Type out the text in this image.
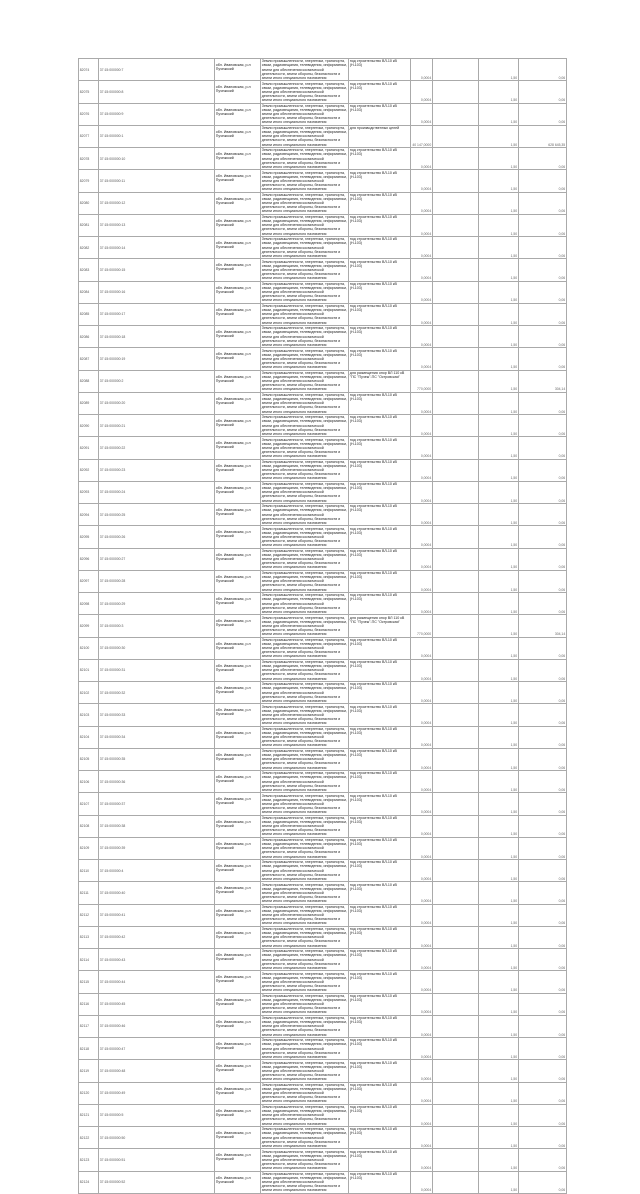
82074	37:15:000000:7	обл. Ивановская, р-н Пучежский	Земли промышленности, энергетики, транспорта, связи, радиовещания, телевидения, информатики, земли для обеспечения космической деятельности, земли обороны, безопасности и земли иного специального назначения	под строительство ВЛ-10 кВ (Н-103)	0,0004		1,50	0,06
82075	37:15:000000:8	обл. Ивановская, р-н Пучежский	Земли промышленности, энергетики, транспорта, связи, радиовещания, телевидения, информатики, земли для обеспечения космической деятельности, земли обороны, безопасности и земли иного специального назначения	под строительство ВЛ-10 кВ (Н-103)	0,0004		1,50	0,06
82076	37:15:000000:9	обл. Ивановская, р-н Пучежский	Земли промышленности, энергетики, транспорта, связи, радиовещания, телевидения, информатики, земли для обеспечения космической деятельности, земли обороны, безопасности и земли иного специального назначения	под строительство ВЛ-10 кВ (Н-103)	0,0004		1,50	0,06
82077	37:15:000000:1	обл. Ивановская, р-н Пучежский	Земли промышленности, энергетики, транспорта, связи, радиовещания, телевидения, информатики, земли для обеспечения космической деятельности, земли обороны, безопасности и земли иного специального назначения	для производственных целей	40 147,0000		1,50	628 645,35
82078	37:15:000000:10	обл. Ивановская, р-н Пучежский	Земли промышленности, энергетики, транспорта, связи, радиовещания, телевидения, информатики, земли для обеспечения космической деятельности, земли обороны, безопасности и земли иного специального назначения	под строительство ВЛ-10 кВ (Н-103)	0,0004		1,50	0,06
82079	37:15:000000:11	обл. Ивановская, р-н Пучежский	Земли промышленности, энергетики, транспорта, связи, радиовещания, телевидения, информатики, земли для обеспечения космической деятельности, земли обороны, безопасности и земли иного специального назначения	под строительство ВЛ-10 кВ (Н-103)	0,0004		1,50	0,06
82080	37:15:000000:12	обл. Ивановская, р-н Пучежский	Земли промышленности, энергетики, транспорта, связи, радиовещания, телевидения, информатики, земли для обеспечения космической деятельности, земли обороны, безопасности и земли иного специального назначения	под строительство ВЛ-10 кВ (Н-103)	0,0004		1,50	0,06
82081	37:15:000000:13	обл. Ивановская, р-н Пучежский	Земли промышленности, энергетики, транспорта, связи, радиовещания, телевидения, информатики, земли для обеспечения космической деятельности, земли обороны, безопасности и земли иного специального назначения	под строительство ВЛ-10 кВ (Н-103)	0,0004		1,50	0,06
82082	37:15:000000:14	обл. Ивановская, р-н Пучежский	Земли промышленности, энергетики, транспорта, связи, радиовещания, телевидения, информатики, земли для обеспечения космической деятельности, земли обороны, безопасности и земли иного специального назначения	под строительство ВЛ-10 кВ (Н-103)	0,0004		1,50	0,06
82083	37:15:000000:15	обл. Ивановская, р-н Пучежский	Земли промышленности, энергетики, транспорта, связи, радиовещания, телевидения, информатики, земли для обеспечения космической деятельности, земли обороны, безопасности и земли иного специального назначения	под строительство ВЛ-10 кВ (Н-103)	0,0004		1,50	0,06
82084	37:15:000000:16	обл. Ивановская, р-н Пучежский	Земли промышленности, энергетики, транспорта, связи, радиовещания, телевидения, информатики, земли для обеспечения космической деятельности, земли обороны, безопасности и земли иного специального назначения	под строительство ВЛ-10 кВ (Н-103)	0,0004		1,50	0,06
82085	37:15:000000:17	обл. Ивановская, р-н Пучежский	Земли промышленности, энергетики, транспорта, связи, радиовещания, телевидения, информатики, земли для обеспечения космической деятельности, земли обороны, безопасности и земли иного специального назначения	под строительство ВЛ-10 кВ (Н-103)	0,0004		1,50	0,06
82086	37:15:000000:18	обл. Ивановская, р-н Пучежский	Земли промышленности, энергетики, транспорта, связи, радиовещания, телевидения, информатики, земли для обеспечения космической деятельности, земли обороны, безопасности и земли иного специального назначения	под строительство ВЛ-10 кВ (Н-103)	0,0004		1,50	0,06
82087	37:15:000000:19	обл. Ивановская, р-н Пучежский	Земли промышленности, энергетики, транспорта, связи, радиовещания, телевидения, информатики, земли для обеспечения космической деятельности, земли обороны, безопасности и земли иного специального назначения	под строительство ВЛ-10 кВ (Н-103)	0,0004		1,50	0,06
82088	37:15:000000:2	обл. Ивановская, р-н Пучежский	Земли промышленности, энергетики, транспорта, связи, радиовещания, телевидения, информатики, земли для обеспечения космической деятельности, земли обороны, безопасности и земли иного специального назначения	для размещения опор ВЛ 110 кВ "ПС "Пучеж"-ПС "Островская"	770,0000		1,50	304,14
82089	37:15:000000:20	обл. Ивановская, р-н Пучежский	Земли промышленности, энергетики, транспорта, связи, радиовещания, телевидения, информатики, земли для обеспечения космической деятельности, земли обороны, безопасности и земли иного специального назначения	под строительство ВЛ-10 кВ (Н-103)	0,0004		1,50	0,06
82090	37:15:000000:21	обл. Ивановская, р-н Пучежский	Земли промышленности, энергетики, транспорта, связи, радиовещания, телевидения, информатики, земли для обеспечения космической деятельности, земли обороны, безопасности и земли иного специального назначения	под строительство ВЛ-10 кВ (Н-103)	0,0004		1,50	0,06
82091	37:15:000000:22	обл. Ивановская, р-н Пучежский	Земли промышленности, энергетики, транспорта, связи, радиовещания, телевидения, информатики, земли для обеспечения космической деятельности, земли обороны, безопасности и земли иного специального назначения	под строительство ВЛ-10 кВ (Н-103)	0,0004		1,50	0,06
82092	37:15:000000:23	обл. Ивановская, р-н Пучежский	Земли промышленности, энергетики, транспорта, связи, радиовещания, телевидения, информатики, земли для обеспечения космической деятельности, земли обороны, безопасности и земли иного специального назначения	под строительство ВЛ-10 кВ (Н-103)	0,0004		1,50	0,06
82093	37:15:000000:24	обл. Ивановская, р-н Пучежский	Земли промышленности, энергетики, транспорта, связи, радиовещания, телевидения, информатики, земли для обеспечения космической деятельности, земли обороны, безопасности и земли иного специального назначения	под строительство ВЛ-10 кВ (Н-103)	0,0004		1,50	0,06
82094	37:15:000000:25	обл. Ивановская, р-н Пучежский	Земли промышленности, энергетики, транспорта, связи, радиовещания, телевидения, информатики, земли для обеспечения космической деятельности, земли обороны, безопасности и земли иного специального назначения	под строительство ВЛ-10 кВ (Н-103)	0,0004		1,50	0,06
82095	37:15:000000:26	обл. Ивановская, р-н Пучежский	Земли промышленности, энергетики, транспорта, связи, радиовещания, телевидения, информатики, земли для обеспечения космической деятельности, земли обороны, безопасности и земли иного специального назначения	под строительство ВЛ-10 кВ (Н-103)	0,0004		1,50	0,06
82096	37:15:000000:27	обл. Ивановская, р-н Пучежский	Земли промышленности, энергетики, транспорта, связи, радиовещания, телевидения, информатики, земли для обеспечения космической деятельности, земли обороны, безопасности и земли иного специального назначения	под строительство ВЛ-10 кВ (Н-103)	0,0004		1,50	0,06
82097	37:15:000000:28	обл. Ивановская, р-н Пучежский	Земли промышленности, энергетики, транспорта, связи, радиовещания, телевидения, информатики, земли для обеспечения космической деятельности, земли обороны, безопасности и земли иного специального назначения	под строительство ВЛ-10 кВ (Н-103)	0,0004		1,50	0,06
82098	37:15:000000:29	обл. Ивановская, р-н Пучежский	Земли промышленности, энергетики, транспорта, связи, радиовещания, телевидения, информатики, земли для обеспечения космической деятельности, земли обороны, безопасности и земли иного специального назначения	под строительство ВЛ-10 кВ (Н-103)	0,0004		1,50	0,06
82099	37:15:000000:3	обл. Ивановская, р-н Пучежский	Земли промышленности, энергетики, транспорта, связи, радиовещания, телевидения, информатики, земли для обеспечения космической деятельности, земли обороны, безопасности и земли иного специального назначения	для размещения опор ВЛ 110 кВ "ПС "Пучеж"-ПС "Островская"	770,0000		1,50	304,14
82100	37:15:000000:30	обл. Ивановская, р-н Пучежский	Земли промышленности, энергетики, транспорта, связи, радиовещания, телевидения, информатики, земли для обеспечения космической деятельности, земли обороны, безопасности и земли иного специального назначения	под строительство ВЛ-10 кВ (Н-103)	0,0004		1,50	0,06
82101	37:15:000000:31	обл. Ивановская, р-н Пучежский	Земли промышленности, энергетики, транспорта, связи, радиовещания, телевидения, информатики, земли для обеспечения космической деятельности, земли обороны, безопасности и земли иного специального назначения	под строительство ВЛ-10 кВ (Н-103)	0,0004		1,50	0,06
82102	37:15:000000:32	обл. Ивановская, р-н Пучежский	Земли промышленности, энергетики, транспорта, связи, радиовещания, телевидения, информатики, земли для обеспечения космической деятельности, земли обороны, безопасности и земли иного специального назначения	под строительство ВЛ-10 кВ (Н-103)	0,0004		1,50	0,06
82103	37:15:000000:33	обл. Ивановская, р-н Пучежский	Земли промышленности, энергетики, транспорта, связи, радиовещания, телевидения, информатики, земли для обеспечения космической деятельности, земли обороны, безопасности и земли иного специального назначения	под строительство ВЛ-10 кВ (Н-103)	0,0004		1,50	0,06
82104	37:15:000000:34	обл. Ивановская, р-н Пучежский	Земли промышленности, энергетики, транспорта, связи, радиовещания, телевидения, информатики, земли для обеспечения космической деятельности, земли обороны, безопасности и земли иного специального назначения	под строительство ВЛ-10 кВ (Н-103)	0,0004		1,50	0,06
82105	37:15:000000:35	обл. Ивановская, р-н Пучежский	Земли промышленности, энергетики, транспорта, связи, радиовещания, телевидения, информатики, земли для обеспечения космической деятельности, земли обороны, безопасности и земли иного специального назначения	под строительство ВЛ-10 кВ (Н-103)	0,0004		1,50	0,06
82106	37:15:000000:36	обл. Ивановская, р-н Пучежский	Земли промышленности, энергетики, транспорта, связи, радиовещания, телевидения, информатики, земли для обеспечения космической деятельности, земли обороны, безопасности и земли иного специального назначения	под строительство ВЛ-10 кВ (Н-103)	0,0004		1,50	0,06
82107	37:15:000000:37	обл. Ивановская, р-н Пучежский	Земли промышленности, энергетики, транспорта, связи, радиовещания, телевидения, информатики, земли для обеспечения космической деятельности, земли обороны, безопасности и земли иного специального назначения	под строительство ВЛ-10 кВ (Н-103)	0,0004		1,50	0,06
82108	37:15:000000:38	обл. Ивановская, р-н Пучежский	Земли промышленности, энергетики, транспорта, связи, радиовещания, телевидения, информатики, земли для обеспечения космической деятельности, земли обороны, безопасности и земли иного специального назначения	под строительство ВЛ-10 кВ (Н-103)	0,0004		1,50	0,06
82109	37:15:000000:39	обл. Ивановская, р-н Пучежский	Земли промышленности, энергетики, транспорта, связи, радиовещания, телевидения, информатики, земли для обеспечения космической деятельности, земли обороны, безопасности и земли иного специального назначения	под строительство ВЛ-10 кВ (Н-103)	0,0004		1,50	0,06
82110	37:15:000000:4	обл. Ивановская, р-н Пучежский	Земли промышленности, энергетики, транспорта, связи, радиовещания, телевидения, информатики, земли для обеспечения космической деятельности, земли обороны, безопасности и земли иного специального назначения	под строительство ВЛ-10 кВ (Н-103)	0,0004		1,50	0,06
82111	37:15:000000:40	обл. Ивановская, р-н Пучежский	Земли промышленности, энергетики, транспорта, связи, радиовещания, телевидения, информатики, земли для обеспечения космической деятельности, земли обороны, безопасности и земли иного специального назначения	под строительство ВЛ-10 кВ (Н-103)	0,0004		1,50	0,06
82112	37:15:000000:41	обл. Ивановская, р-н Пучежский	Земли промышленности, энергетики, транспорта, связи, радиовещания, телевидения, информатики, земли для обеспечения космической деятельности, земли обороны, безопасности и земли иного специального назначения	под строительство ВЛ-10 кВ (Н-103)	0,0004		1,50	0,06
82113	37:15:000000:42	обл. Ивановская, р-н Пучежский	Земли промышленности, энергетики, транспорта, связи, радиовещания, телевидения, информатики, земли для обеспечения космической деятельности, земли обороны, безопасности и земли иного специального назначения	под строительство ВЛ-10 кВ (Н-103)	0,0004		1,50	0,06
82114	37:15:000000:43	обл. Ивановская, р-н Пучежский	Земли промышленности, энергетики, транспорта, связи, радиовещания, телевидения, информатики, земли для обеспечения космической деятельности, земли обороны, безопасности и земли иного специального назначения	под строительство ВЛ-10 кВ (Н-103)	0,0004		1,50	0,06
82115	37:15:000000:44	обл. Ивановская, р-н Пучежский	Земли промышленности, энергетики, транспорта, связи, радиовещания, телевидения, информатики, земли для обеспечения космической деятельности, земли обороны, безопасности и земли иного специального назначения	под строительство ВЛ-10 кВ (Н-103)	0,0004		1,50	0,06
82116	37:15:000000:45	обл. Ивановская, р-н Пучежский	Земли промышленности, энергетики, транспорта, связи, радиовещания, телевидения, информатики, земли для обеспечения космической деятельности, земли обороны, безопасности и земли иного специального назначения	под строительство ВЛ-10 кВ (Н-103)	0,0004		1,50	0,06
82117	37:15:000000:46	обл. Ивановская, р-н Пучежский	Земли промышленности, энергетики, транспорта, связи, радиовещания, телевидения, информатики, земли для обеспечения космической деятельности, земли обороны, безопасности и земли иного специального назначения	под строительство ВЛ-10 кВ (Н-103)	0,0004		1,50	0,06
82118	37:15:000000:47	обл. Ивановская, р-н Пучежский	Земли промышленности, энергетики, транспорта, связи, радиовещания, телевидения, информатики, земли для обеспечения космической деятельности, земли обороны, безопасности и земли иного специального назначения	под строительство ВЛ-10 кВ (Н-103)	0,0004		1,50	0,06
82119	37:15:000000:48	обл. Ивановская, р-н Пучежский	Земли промышленности, энергетики, транспорта, связи, радиовещания, телевидения, информатики, земли для обеспечения космической деятельности, земли обороны, безопасности и земли иного специального назначения	под строительство ВЛ-10 кВ (Н-103)	0,0004		1,50	0,06
82120	37:15:000000:49	обл. Ивановская, р-н Пучежский	Земли промышленности, энергетики, транспорта, связи, радиовещания, телевидения, информатики, земли для обеспечения космической деятельности, земли обороны, безопасности и земли иного специального назначения	под строительство ВЛ-10 кВ (Н-103)	0,0004		1,50	0,06
82121	37:15:000000:5	обл. Ивановская, р-н Пучежский	Земли промышленности, энергетики, транспорта, связи, радиовещания, телевидения, информатики, земли для обеспечения космической деятельности, земли обороны, безопасности и земли иного специального назначения	под строительство ВЛ-10 кВ (Н-103)	0,0004		1,50	0,06
82122	37:15:000000:50	обл. Ивановская, р-н Пучежский	Земли промышленности, энергетики, транспорта, связи, радиовещания, телевидения, информатики, земли для обеспечения космической деятельности, земли обороны, безопасности и земли иного специального назначения	под строительство ВЛ-10 кВ (Н-103)	0,0004		1,50	0,06
82123	37:15:000000:51	обл. Ивановская, р-н Пучежский	Земли промышленности, энергетики, транспорта, связи, радиовещания, телевидения, информатики, земли для обеспечения космической деятельности, земли обороны, безопасности и земли иного специального назначения	под строительство ВЛ-10 кВ (Н-103)	0,0004		1,50	0,06
82124	37:15:000000:52	обл. Ивановская, р-н Пучежский	Земли промышленности, энергетики, транспорта, связи, радиовещания, телевидения, информатики, земли для обеспечения космической деятельности, земли обороны, безопасности и земли иного специального назначения	под строительство ВЛ-10 кВ (Н-103)	0,0004		1,50	0,06
